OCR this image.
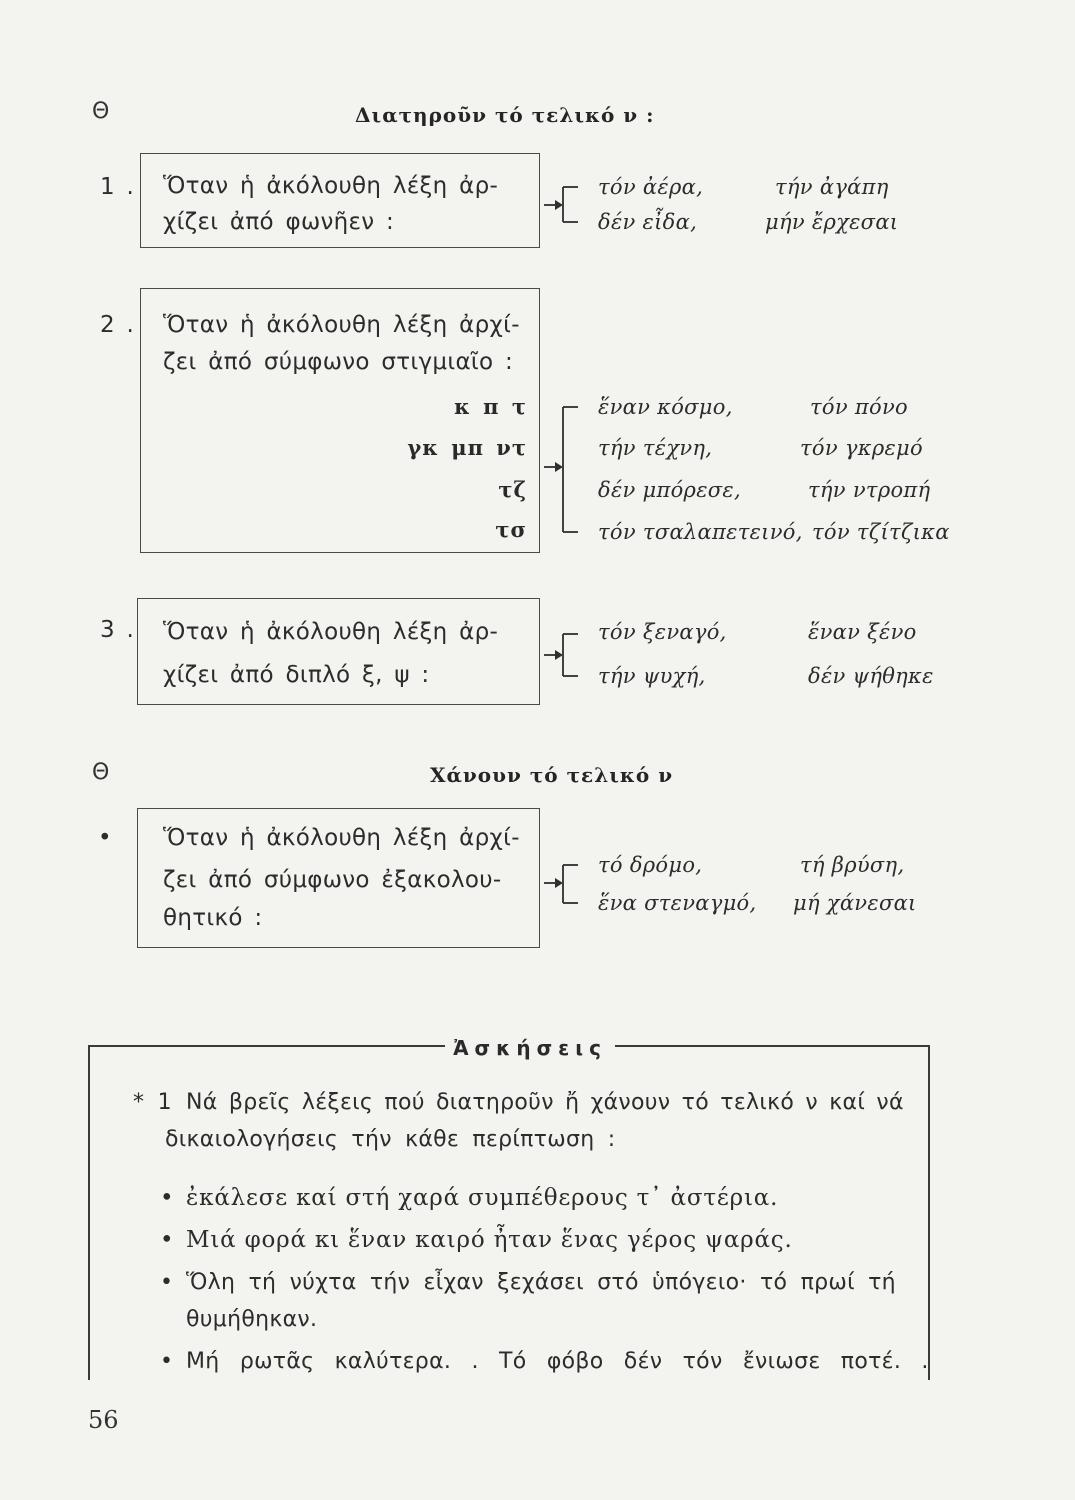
Θ	Διατηροῦν τό τελικό ν :
1 . Ὅταν ἡ ἀκόλουθη λέξη ἀρ-
χίζει ἀπό φωνῆεν :
τόν ἀέρα,	τήν ἀγάπη
δέν εἶδα,	μήν ἔρχεσαι
2 . Ὅταν ἡ ἀκόλουθη λέξη ἀρχί-
ζει ἀπό σύμφωνο στιγμιαῖο :
κ π τ
γκ μπ ντ
τζ
τσ
ἕναν κόσμο,	τόν πόνο
τήν τέχνη,	τόν γκρεμό
δέν μπόρεσε,	τήν ντροπή
τόν τσαλαπετεινό, τόν τζίτζικα
3 . Ὅταν ἡ ἀκόλουθη λέξη ἀρ-
χίζει ἀπό διπλό ξ, ψ :
τόν ξεναγό,	ἕναν ξένο
τήν ψυχή,	δέν ψήθηκε
Θ	Χάνουν τό τελικό ν
• Ὅταν ἡ ἀκόλουθη λέξη ἀρχί-
ζει ἀπό σύμφωνο ἐξακολου-
θητικό :
τό δρόμο,	τή βρύση,
ἕνα στεναγμό, μή χάνεσαι
Ἀσκήσεις
* 1 Νά βρεῖς λέξεις πού διατηροῦν ἤ χάνουν τό τελικό ν καί νά
δικαιολογήσεις τήν κάθε περίπτωση :
• ἐκάλεσε καί στή χαρά συμπέθερους τ᾿ ἀστέρια.
• Μιά φορά κι ἕναν καιρό ἦταν ἕνας γέρος ψαράς.
• Ὅλη τή νύχτα τήν εἶχαν ξεχάσει στό ὑπόγειο· τό πρωί τή
θυμήθηκαν.
• Μή ρωτᾶς καλύτερα. . Τό φόβο δέν τόν ἔνιωσε ποτέ. .
56
